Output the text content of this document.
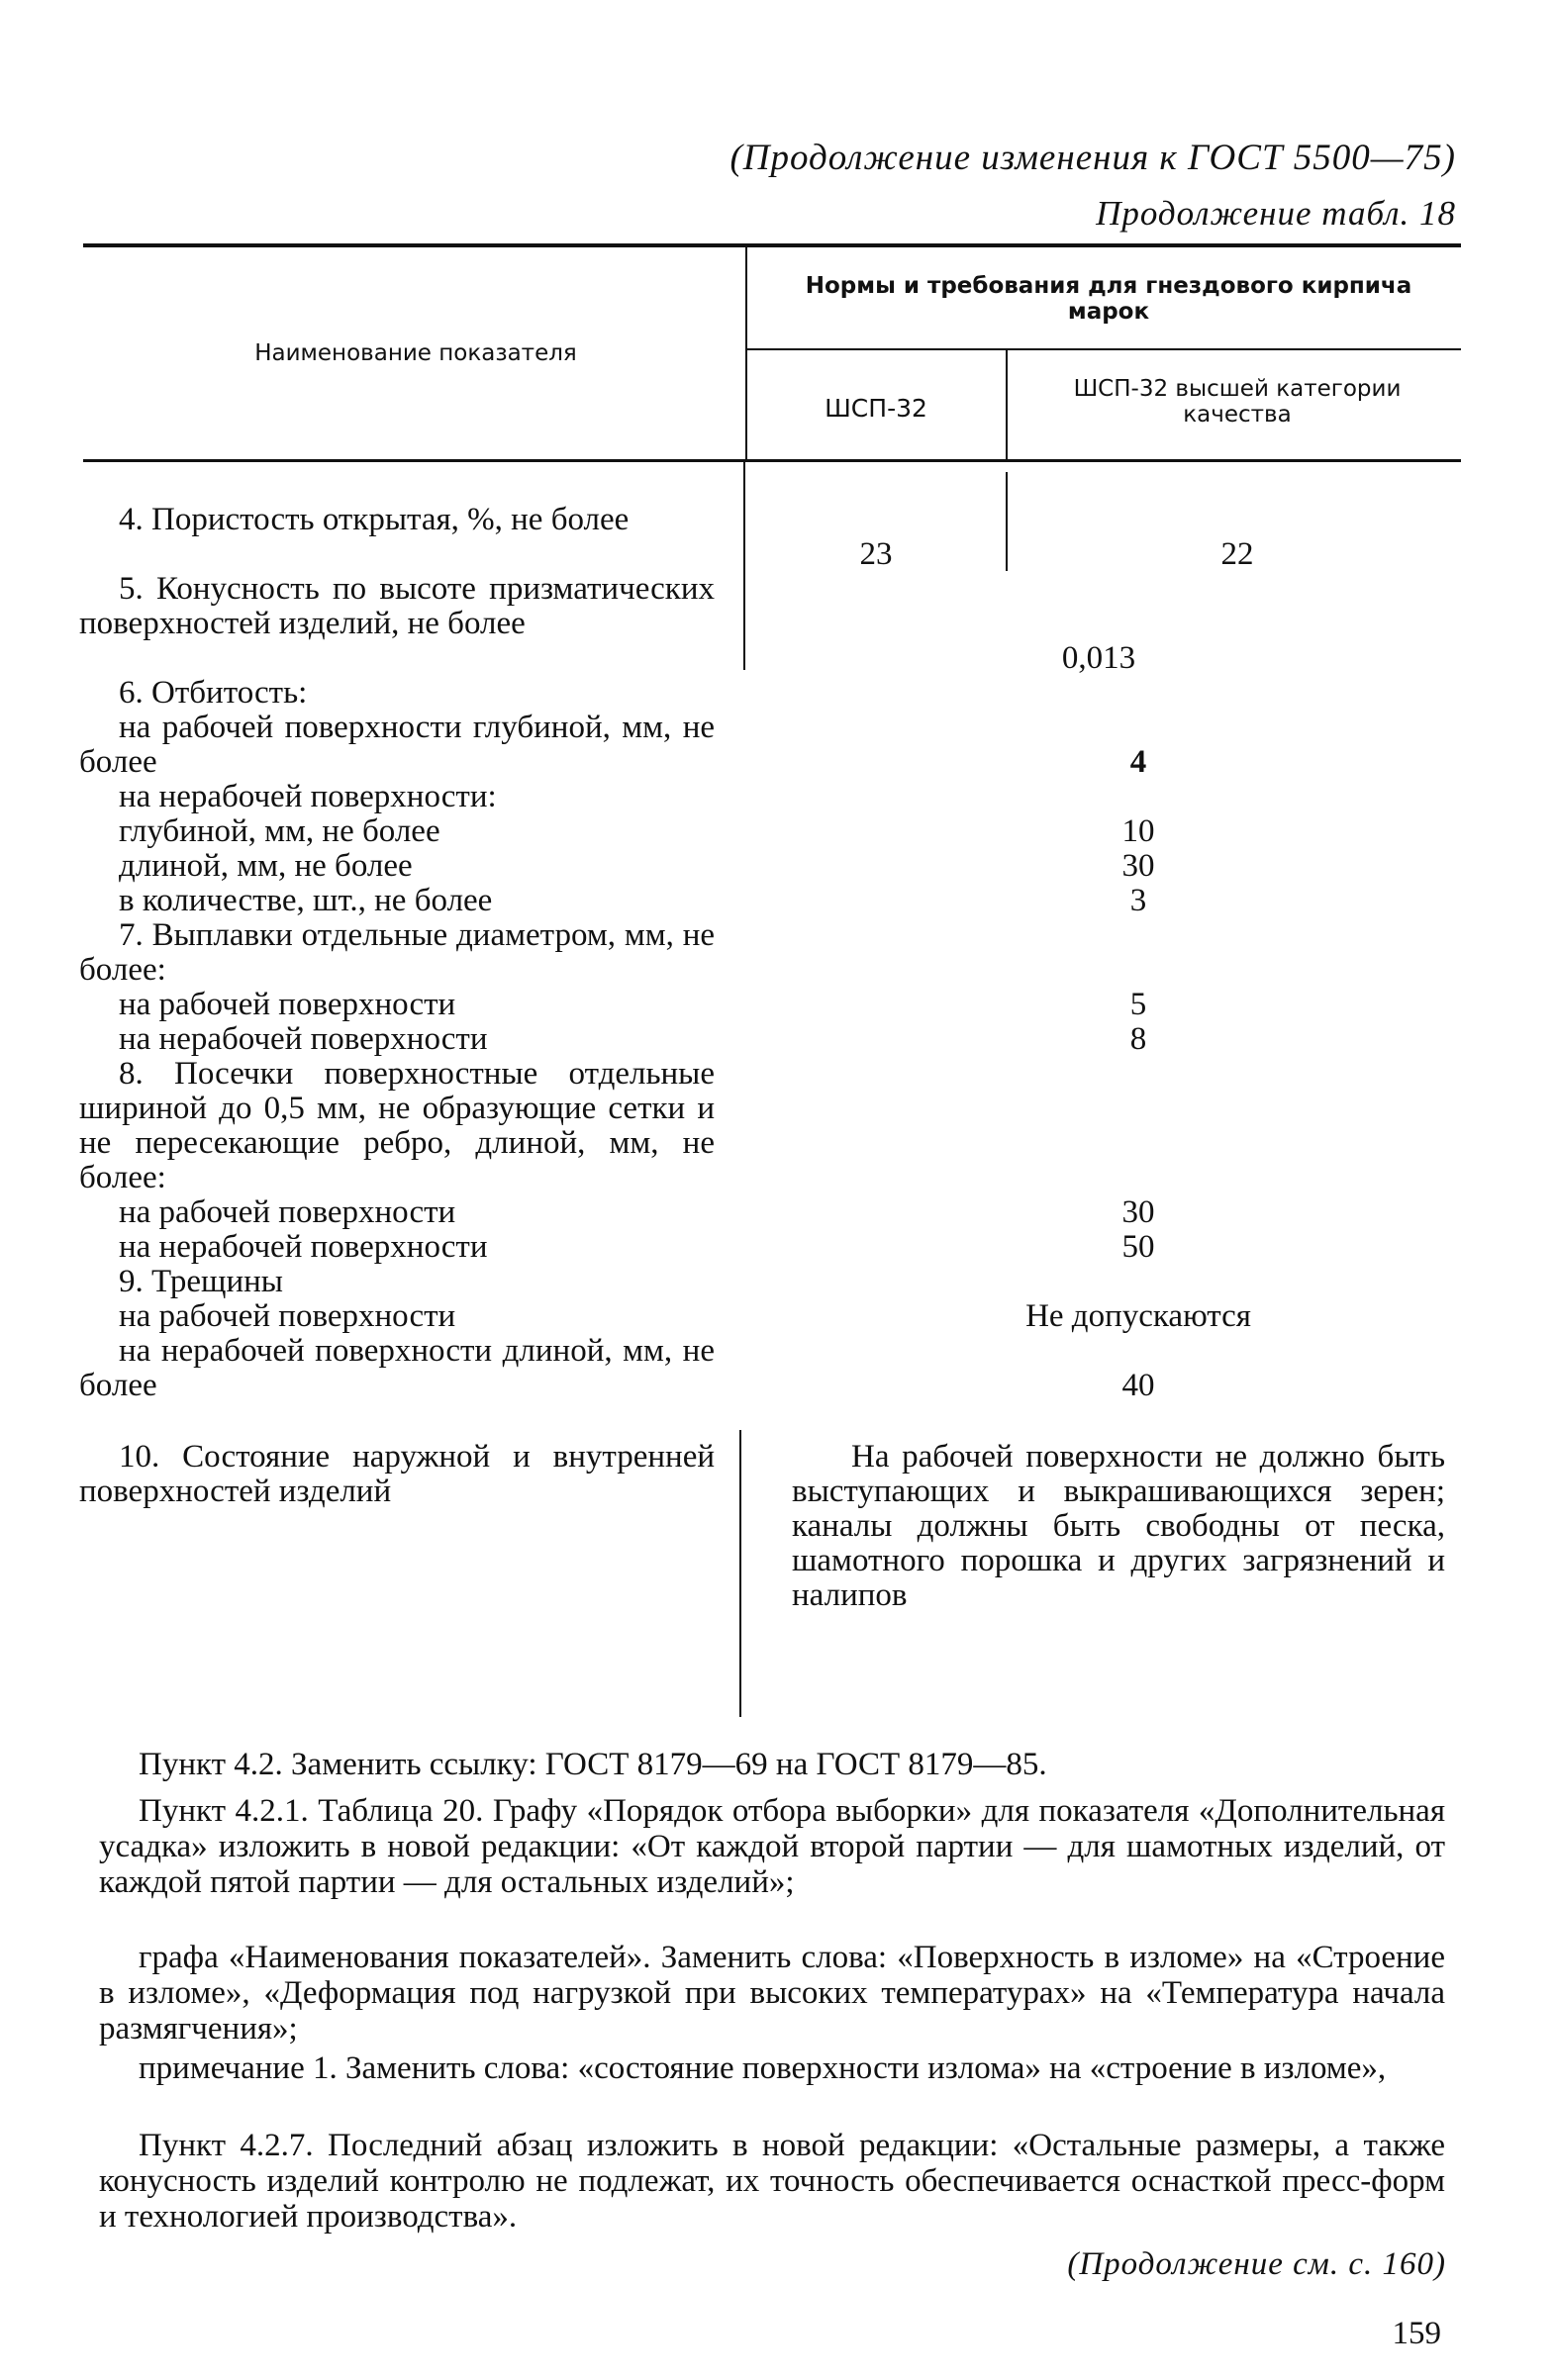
(Продолжение изменения к ГОСТ 5500—75)
Продолжение табл. 18
Наименование показателя
Нормы и требования для гнездового кирпича марок
ШСП-32
ШСП-32 высшей категории качества
4. Пористость открытая, %, не более
5. Конусность по высоте призматических поверхностей изделий, не более
6. Отбитость:
на рабочей поверхности глубиной, мм, не более
на нерабочей поверхности:
глубиной, мм, не более
длиной, мм, не более
в количестве, шт., не более
7. Выплавки отдельные диаметром, мм, не более:
на рабочей поверхности
на нерабочей поверхности
8. Посечки поверхностные отдельные шириной до 0,5 мм, не образующие сетки и не пересекающие ребро, длиной, мм, не более:
на рабочей поверхности
на нерабочей поверхности
9. Трещины
на рабочей поверхности
на нерабочей поверхности длиной, мм, не более
10. Состояние наружной и внутренней поверхностей изделий
23	22
0,013
4
10
30
3
5
8
30
50
Не допускаются
40
На рабочей поверхности не должно быть выступающих и выкрашивающихся зерен; каналы должны быть свободны от песка, шамотного порошка и других загрязнений и налипов
Пункт 4.2. Заменить ссылку: ГОСТ 8179—69 на ГОСТ 8179—85.
Пункт 4.2.1. Таблица 20. Графу «Порядок отбора выборки» для показателя «Дополнительная усадка» изложить в новой редакции: «От каждой второй партии — для шамотных изделий, от каждой пятой партии — для остальных изделий»;
графа «Наименования показателей». Заменить слова: «Поверхность в изломе» на «Строение в изломе», «Деформация под нагрузкой при высоких температурах» на «Температура начала размягчения»;
примечание 1. Заменить слова: «состояние поверхности излома» на «строение в изломе»,
Пункт 4.2.7. Последний абзац изложить в новой редакции: «Остальные размеры, а также конусность изделий контролю не подлежат, их точность обеспечивается оснасткой пресс-форм и технологией производства».
(Продолжение см. с. 160)
159
